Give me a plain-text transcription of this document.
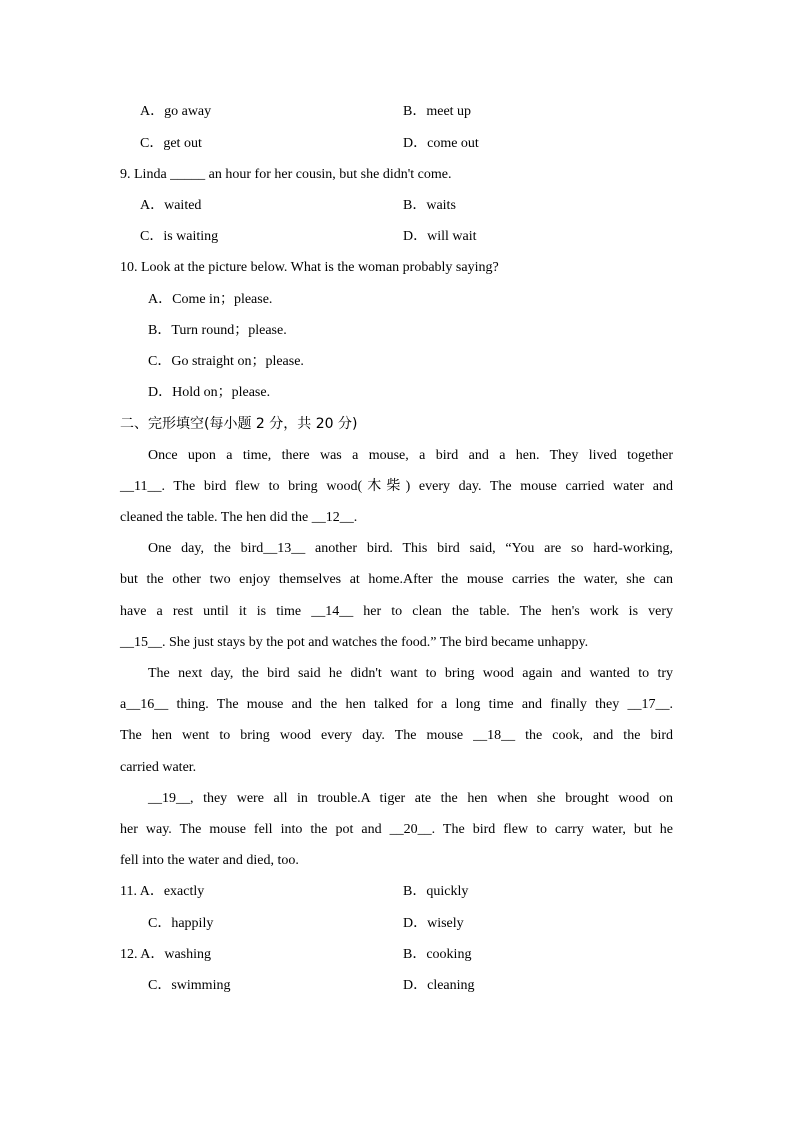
A．go away	B．meet up
C．get out	D．come out
9. Linda _____ an hour for her cousin, but she didn't come.
A．waited	B．waits
C．is waiting	D．will wait
10. Look at the picture below. What is the woman probably saying?
A．Come in；please.
B．Turn round；please.
C．Go straight on；please.
D．Hold on；please.
二、完形填空(每小题 2 分，共 20 分)
Once upon a time, there was a mouse, a bird and a hen. They lived together
__11__. The bird flew to bring wood(木柴) every day. The mouse carried water and
cleaned the table. The hen did the __12__.
One day, the bird__13__ another bird. This bird said, “You are so hard-working,
but the other two enjoy themselves at home.After the mouse carries the water, she can
have a rest until it is time __14__ her to clean the table. The hen's work is very
__15__. She just stays by the pot and watches the food.” The bird became unhappy.
The next day, the bird said he didn't want to bring wood again and wanted to try
a__16__ thing. The mouse and the hen talked for a long time and finally they __17__.
The hen went to bring wood every day. The mouse __18__ the cook, and the bird
carried water.
__19__, they were all in trouble.A tiger ate the hen when she brought wood on
her way. The mouse fell into the pot and __20__. The bird flew to carry water, but he
fell into the water and died, too.
11. A．exactly	B．quickly
C．happily	D．wisely
12. A．washing	B．cooking
C．swimming	D．cleaning
